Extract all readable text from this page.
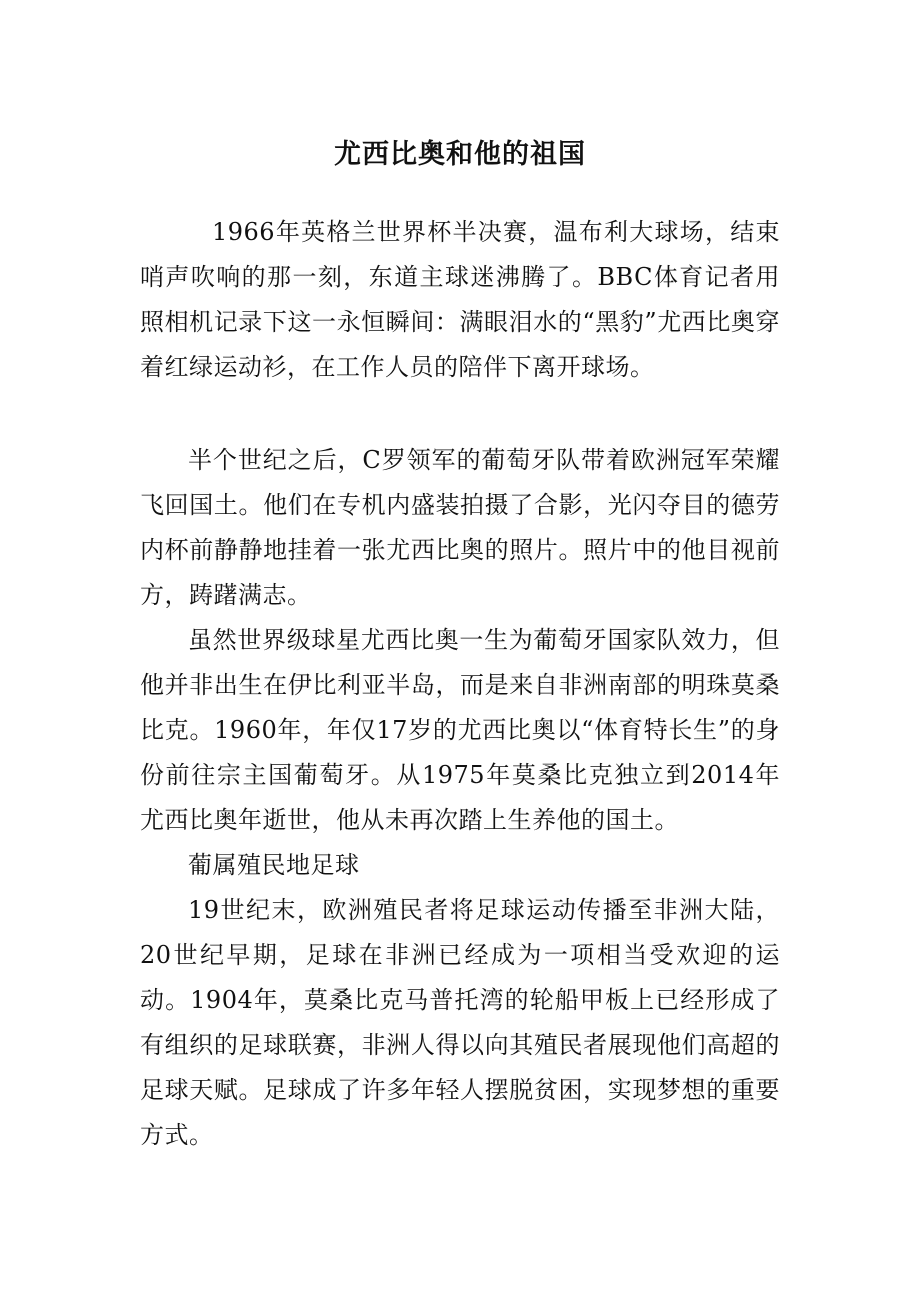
尤西比奥和他的祖国

1966年英格兰世界杯半决赛，温布利大球场，结束哨声吹响的那一刻，东道主球迷沸腾了。BBC体育记者用照相机记录下这一永恒瞬间：满眼泪水的“黑豹”尤西比奥穿着红绿运动衫，在工作人员的陪伴下离开球场。

半个世纪之后，C罗领军的葡萄牙队带着欧洲冠军荣耀飞回国土。他们在专机内盛装拍摄了合影，光闪夺目的德劳内杯前静静地挂着一张尤西比奥的照片。照片中的他目视前方，踌躇满志。

虽然世界级球星尤西比奥一生为葡萄牙国家队效力，但他并非出生在伊比利亚半岛，而是来自非洲南部的明珠莫桑比克。1960年，年仅17岁的尤西比奥以“体育特长生”的身份前往宗主国葡萄牙。从1975年莫桑比克独立到2014年尤西比奥年逝世，他从未再次踏上生养他的国土。

葡属殖民地足球

19世纪末，欧洲殖民者将足球运动传播至非洲大陆，20世纪早期，足球在非洲已经成为一项相当受欢迎的运动。1904年，莫桑比克马普托湾的轮船甲板上已经形成了有组织的足球联赛，非洲人得以向其殖民者展现他们高超的足球天赋。足球成了许多年轻人摆脱贫困，实现梦想的重要方式。
